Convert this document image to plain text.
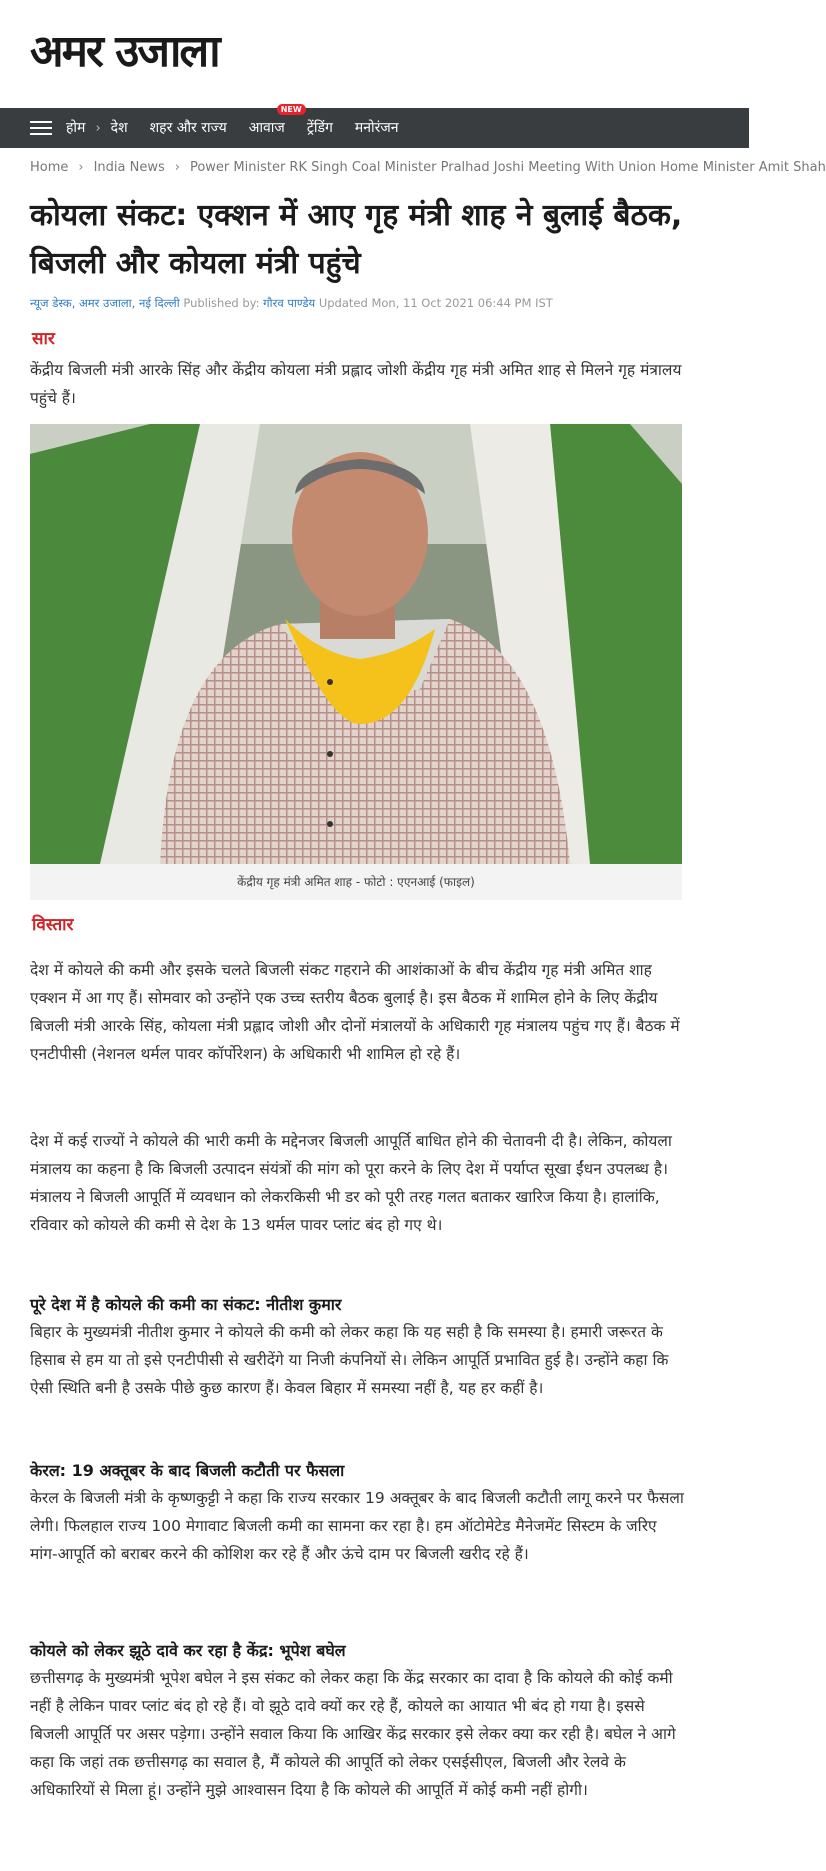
अमर उजाला
होम › देश शहर और राज्य आवाज
NEW
ट्रेंडिंग मनोरंजन
Home › India News › Power Minister RK Singh Coal Minister Pralhad Joshi Meeting With Union Home Minister Amit Shah
कोयला संकट: एक्शन में आए गृह मंत्री शाह ने बुलाई बैठक, बिजली और कोयला मंत्री पहुंचे
न्यूज डेस्क, अमर उजाला, नई दिल्ली Published by: गौरव पाण्डेय Updated Mon, 11 Oct 2021 06:44 PM IST
सार

केंद्रीय बिजली मंत्री आरके सिंह और केंद्रीय कोयला मंत्री प्रह्लाद जोशी केंद्रीय गृह मंत्री अमित शाह से मिलने गृह मंत्रालय पहुंचे हैं।

केंद्रीय गृह मंत्री अमित शाह - फोटो : एएनआई (फाइल)
विस्तार

देश में कोयले की कमी और इसके चलते बिजली संकट गहराने की आशंकाओं के बीच केंद्रीय गृह मंत्री अमित शाह एक्शन में आ गए हैं। सोमवार को उन्होंने एक उच्च स्तरीय बैठक बुलाई है। इस बैठक में शामिल होने के लिए केंद्रीय बिजली मंत्री आरके सिंह, कोयला मंत्री प्रह्लाद जोशी और दोनों मंत्रालयों के अधिकारी गृह मंत्रालय पहुंच गए हैं। बैठक में एनटीपीसी (नेशनल थर्मल पावर कॉर्पोरेशन) के अधिकारी भी शामिल हो रहे हैं।

देश में कई राज्यों ने कोयले की भारी कमी के मद्देनजर बिजली आपूर्ति बाधित होने की चेतावनी दी है। लेकिन, कोयला मंत्रालय का कहना है कि बिजली उत्पादन संयंत्रों की मांग को पूरा करने के लिए देश में पर्याप्त सूखा ईंधन उपलब्ध है। मंत्रालय ने बिजली आपूर्ति में व्यवधान को लेकरकिसी भी डर को पूरी तरह गलत बताकर खारिज किया है। हालांकि, रविवार को कोयले की कमी से देश के 13 थर्मल पावर प्लांट बंद हो गए थे।

पूरे देश में है कोयले की कमी का संकट: नीतीश कुमार

बिहार के मुख्यमंत्री नीतीश कुमार ने कोयले की कमी को लेकर कहा कि यह सही है कि समस्या है। हमारी जरूरत के हिसाब से हम या तो इसे एनटीपीसी से खरीदेंगे या निजी कंपनियों से। लेकिन आपूर्ति प्रभावित हुई है। उन्होंने कहा कि ऐसी स्थिति बनी है उसके पीछे कुछ कारण हैं। केवल बिहार में समस्या नहीं है, यह हर कहीं है।

केरल: 19 अक्तूबर के बाद बिजली कटौती पर फैसला

केरल के बिजली मंत्री के कृष्णकुट्टी ने कहा कि राज्य सरकार 19 अक्तूबर के बाद बिजली कटौती लागू करने पर फैसला लेगी। फिलहाल राज्य 100 मेगावाट बिजली कमी का सामना कर रहा है। हम ऑटोमेटेड मैनेजमेंट सिस्टम के जरिए मांग-आपूर्ति को बराबर करने की कोशिश कर रहे हैं और ऊंचे दाम पर बिजली खरीद रहे हैं।

कोयले को लेकर झूठे दावे कर रहा है केंद्र: भूपेश बघेल

छत्तीसगढ़ के मुख्यमंत्री भूपेश बघेल ने इस संकट को लेकर कहा कि केंद्र सरकार का दावा है कि कोयले की कोई कमी नहीं है लेकिन पावर प्लांट बंद हो रहे हैं। वो झूठे दावे क्यों कर रहे हैं, कोयले का आयात भी बंद हो गया है। इससे बिजली आपूर्ति पर असर पड़ेगा। उन्होंने सवाल किया कि आखिर केंद्र सरकार इसे लेकर क्या कर रही है। बघेल ने आगे कहा कि जहां तक छत्तीसगढ़ का सवाल है, मैं कोयले की आपूर्ति को लेकर एसईसीएल, बिजली और रेलवे के अधिकारियों से मिला हूं। उन्होंने मुझे आश्वासन दिया है कि कोयले की आपूर्ति में कोई कमी नहीं होगी।
